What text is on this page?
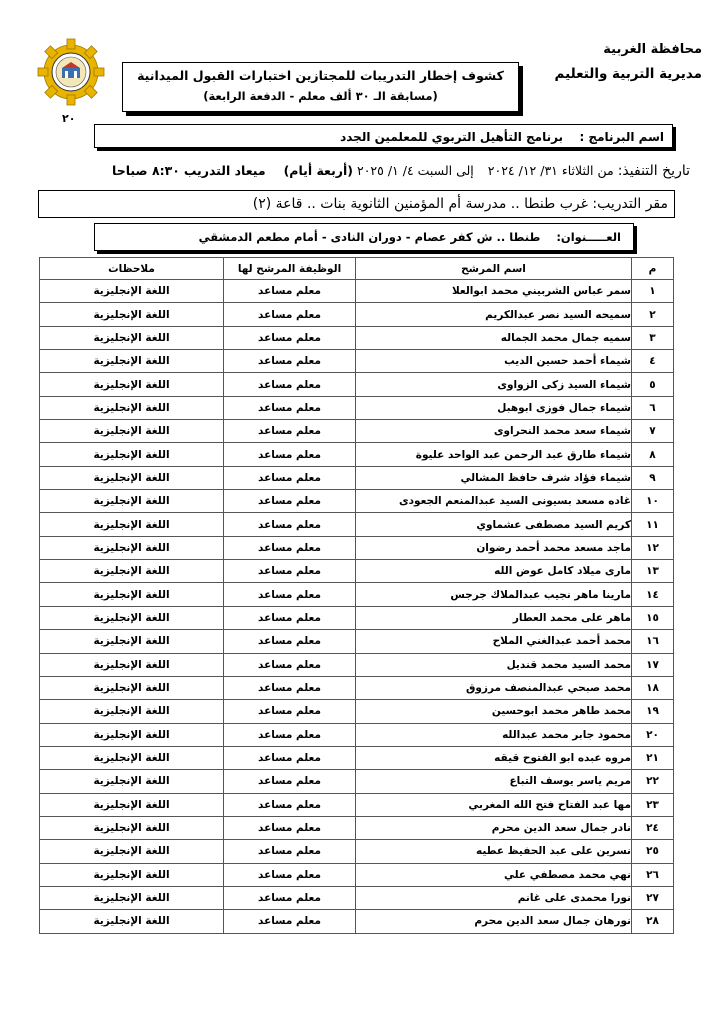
محافظة الغربية
مديرية التربية والتعليم
كشوف إخطار التدريبات للمجتازين اختبارات القبول الميدانية
(مسابقة الـ ٣٠ ألف معلم - الدفعة الرابعة)
٢٠
اسم البرنامج :  برنامج التأهيل التربوي للمعلمين الجدد
تاريخ التنفيذ: من الثلاثاء ٣١/ ١٢/ ٢٠٢٤  إلى السبت ٤/ ١/ ٢٠٢٥ (أربعة أيام)  ميعاد التدريب ٨:٣٠ صباحا
مقر التدريب: غرب طنطا .. مدرسة أم المؤمنين الثانوية بنات .. قاعة (٢)
العـــــنوان:  طنطا .. ش كفر عصام - دوران النادى - أمام مطعم الدمشقي
م	اسم المرشح	الوظيفة المرشح لها	ملاحظات
١	سمر عباس الشربيني محمد ابوالعلا	معلم مساعد	اللغة الإنجليزية
٢	سميحه السيد نصر عبدالكريم	معلم مساعد	اللغة الإنجليزية
٣	سميه جمال محمد الجماله	معلم مساعد	اللغة الإنجليزية
٤	شيماء أحمد حسين الديب	معلم مساعد	اللغة الإنجليزية
٥	شيماء السيد زكى الزواوى	معلم مساعد	اللغة الإنجليزية
٦	شيماء جمال فوزى ابوهبل	معلم مساعد	اللغة الإنجليزية
٧	شيماء سعد محمد النحراوى	معلم مساعد	اللغة الإنجليزية
٨	شيماء طارق عبد الرحمن عبد الواحد عليوة	معلم مساعد	اللغة الإنجليزية
٩	شيماء فؤاد شرف حافظ المشالي	معلم مساعد	اللغة الإنجليزية
١٠	غاده مسعد بسيونى السيد عبدالمنعم الجعودى	معلم مساعد	اللغة الإنجليزية
١١	كريم السيد مصطفى عشماوي	معلم مساعد	اللغة الإنجليزية
١٢	ماجد مسعد محمد أحمد رضوان	معلم مساعد	اللغة الإنجليزية
١٣	مارى ميلاد كامل عوض الله	معلم مساعد	اللغة الإنجليزية
١٤	مارينا ماهر نجيب عبدالملاك جرجس	معلم مساعد	اللغة الإنجليزية
١٥	ماهر على محمد العطار	معلم مساعد	اللغة الإنجليزية
١٦	محمد أحمد عبدالغني الملاح	معلم مساعد	اللغة الإنجليزية
١٧	محمد السيد محمد قنديل	معلم مساعد	اللغة الإنجليزية
١٨	محمد صبحي عبدالمنصف مرزوق	معلم مساعد	اللغة الإنجليزية
١٩	محمد طاهر محمد ابوحسين	معلم مساعد	اللغة الإنجليزية
٢٠	محمود جابر محمد عبدالله	معلم مساعد	اللغة الإنجليزية
٢١	مروه عبده ابو الفتوح قيقه	معلم مساعد	اللغة الإنجليزية
٢٢	مريم ياسر يوسف التباع	معلم مساعد	اللغة الإنجليزية
٢٣	مها عبد الفتاح فتح الله المغربي	معلم مساعد	اللغة الإنجليزية
٢٤	نادر جمال سعد الدين محرم	معلم مساعد	اللغة الإنجليزية
٢٥	نسرين على عبد الحفيظ عطيه	معلم مساعد	اللغة الإنجليزية
٢٦	نهي محمد مصطفي علي	معلم مساعد	اللغة الإنجليزية
٢٧	نورا محمدى على غانم	معلم مساعد	اللغة الإنجليزية
٢٨	نورهان جمال سعد الدين محرم	معلم مساعد	اللغة الإنجليزية
